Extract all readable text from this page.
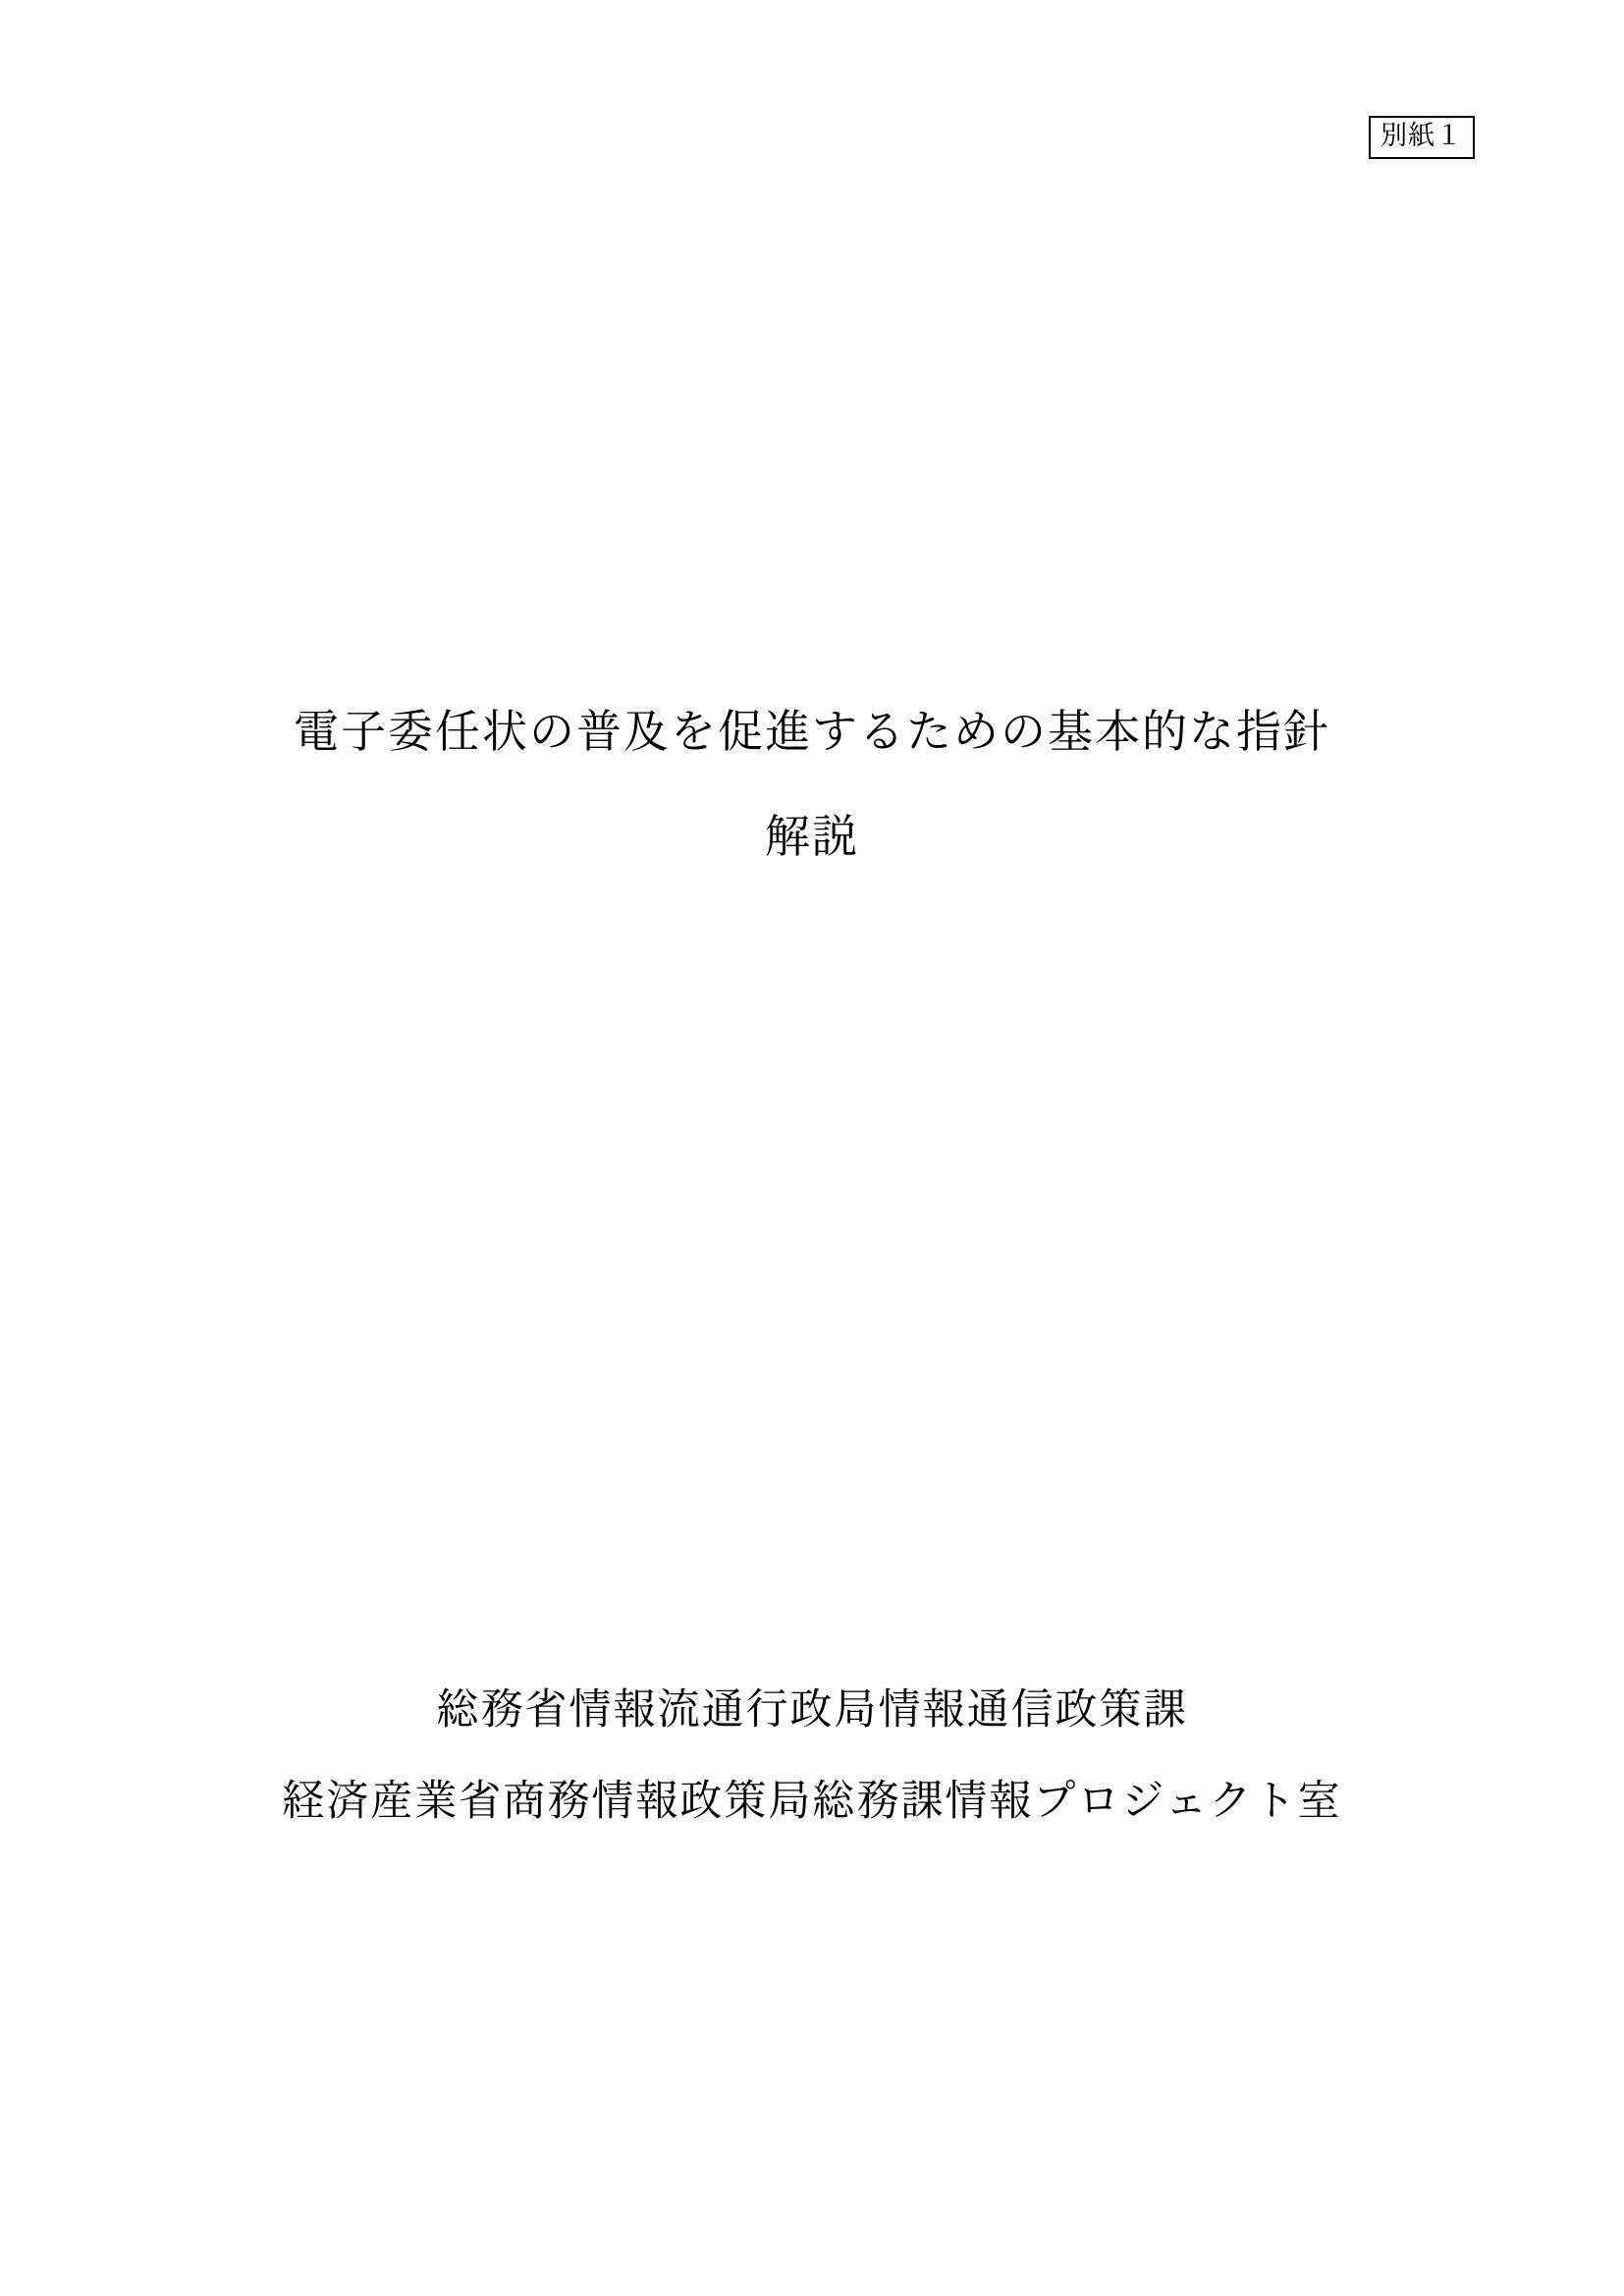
別紙１
電子委任状の普及を促進するための基本的な指針
解説
総務省情報流通行政局情報通信政策課
経済産業省商務情報政策局総務課情報プロジェクト室
